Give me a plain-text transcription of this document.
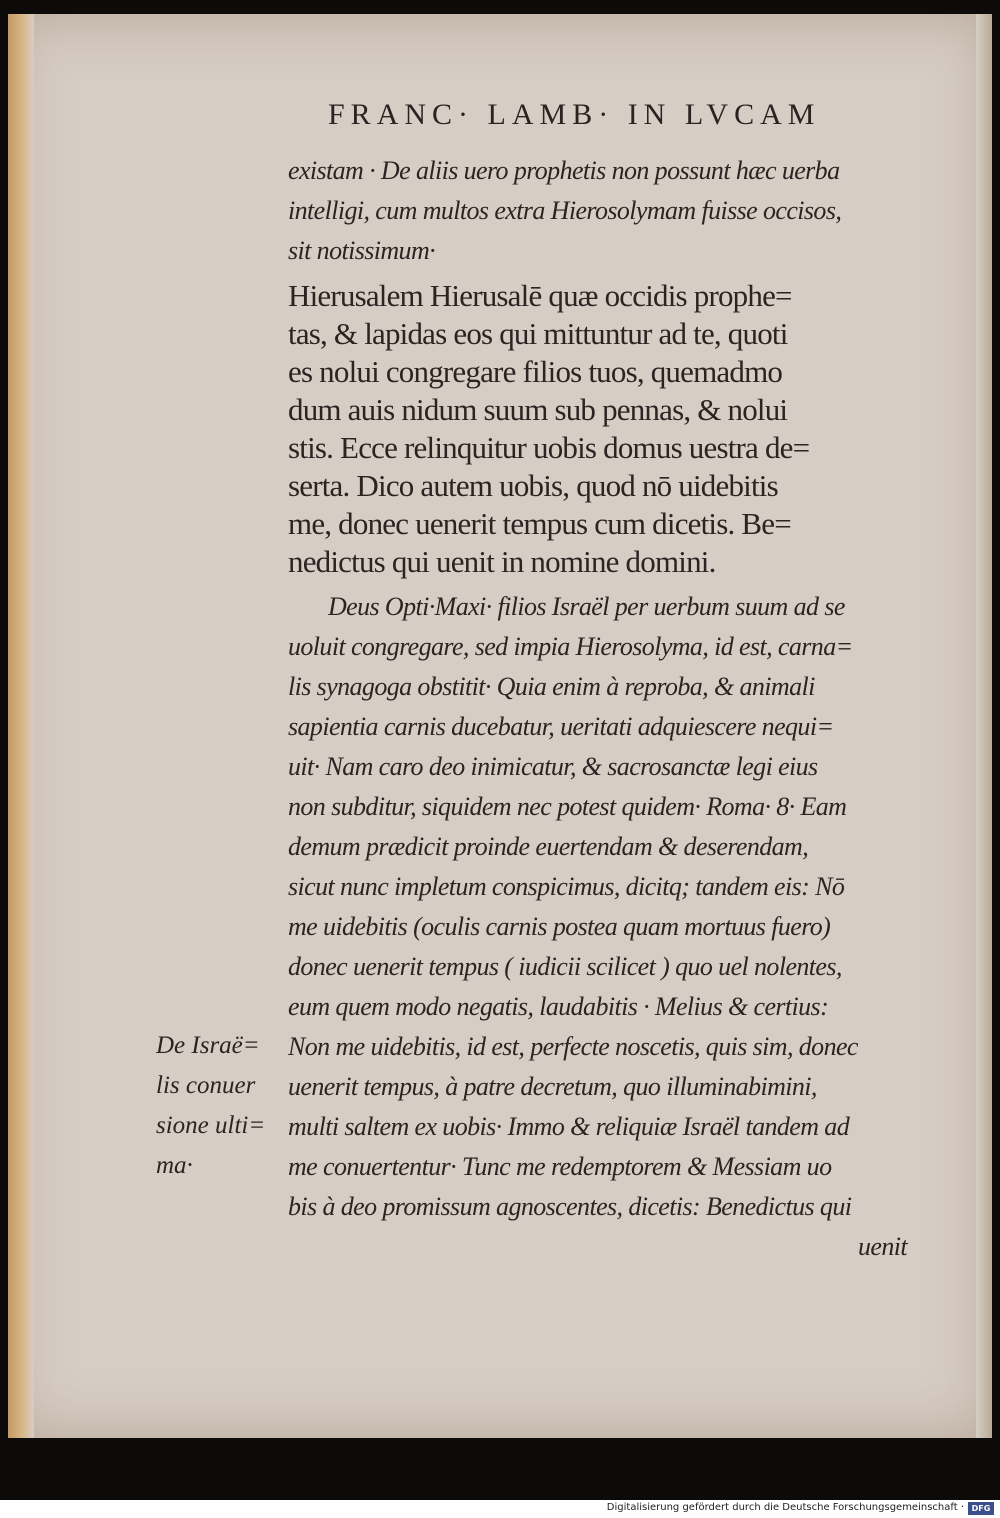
FRANC· LAMB· IN LVCAM
existam · De aliis uero prophetis non possunt hæc uerba
intelligi, cum multos extra Hierosolymam fuisse occisos,
sit notissimum·
Hierusalem Hierusalē quæ occidis prophe=
tas, & lapidas eos qui mittuntur ad te, quoti
es nolui congregare filios tuos, quemadmo
dum auis nidum suum sub pennas, & nolui
stis. Ecce relinquitur uobis domus uestra de=
serta. Dico autem uobis, quod nō uidebitis
me, donec uenerit tempus cum dicetis. Be=
nedictus qui uenit in nomine domini.
Deus Opti·Maxi· filios Israël per uerbum suum ad se
uoluit congregare, sed impia Hierosolyma, id est, carna=
lis synagoga obstitit· Quia enim à reproba, & animali
sapientia carnis ducebatur, ueritati adquiescere nequi=
uit· Nam caro deo inimicatur, & sacrosanctæ legi eius
non subditur, siquidem nec potest quidem· Roma· 8· Eam
demum prædicit proinde euertendam & deserendam,
sicut nunc impletum conspicimus, dicitq; tandem eis: Nō
me uidebitis (oculis carnis postea quam mortuus fuero)
donec uenerit tempus ( iudicii scilicet ) quo uel nolentes,
eum quem modo negatis, laudabitis · Melius & certius:
Non me uidebitis, id est, perfecte noscetis, quis sim, donec
uenerit tempus, à patre decretum, quo illuminabimini,
multi saltem ex uobis· Immo & reliquiæ Israël tandem ad
me conuertentur· Tunc me redemptorem & Messiam uo
bis à deo promissum agnoscentes, dicetis: Benedictus qui
uenit
De Israë=
lis conuer
sione ulti=
ma·
Digitalisierung gefördert durch die Deutsche Forschungsgemeinschaft · DFG
